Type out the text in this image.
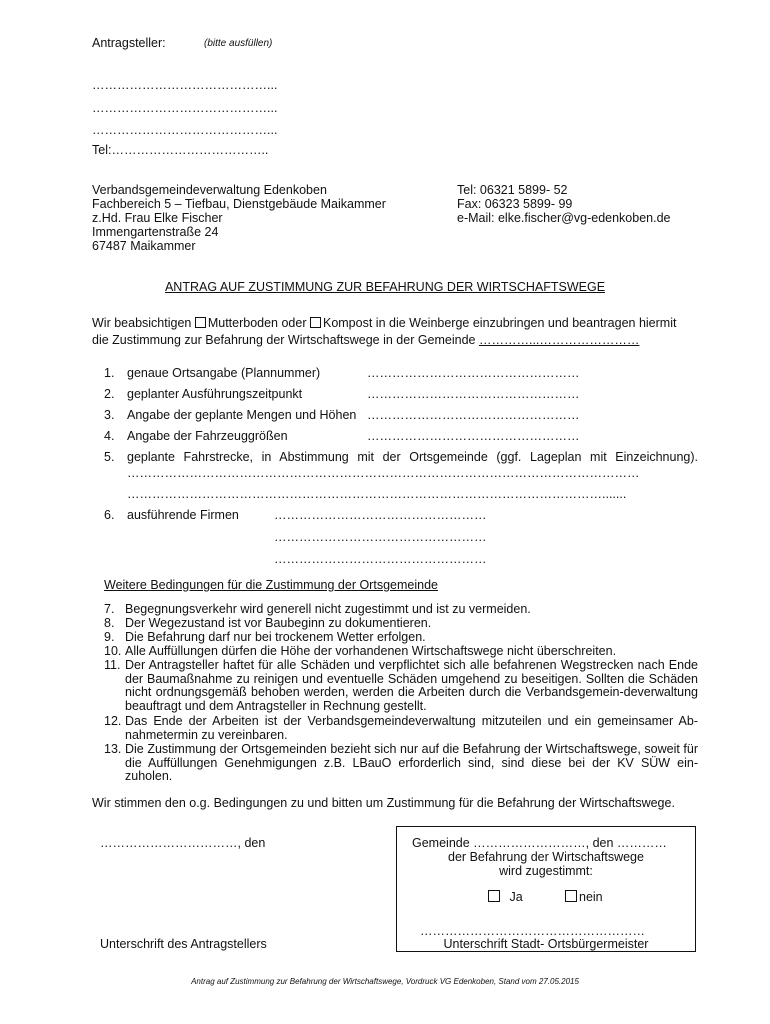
Antragsteller:	(bitte ausfüllen)
……………………………………...
……………………………………...
……………………………………...
Tel:………………………………..
Verbandsgemeindeverwaltung Edenkoben
Fachbereich 5 – Tiefbau, Dienstgebäude Maikammer
z.Hd. Frau Elke Fischer
Immengartenstraße 24
67487 Maikammer
Tel: 06321 5899- 52
Fax: 06323 5899- 99
e-Mail: elke.fischer@vg-edenkoben.de
ANTRAG AUF ZUSTIMMUNG ZUR BEFAHRUNG DER WIRTSCHAFTSWEGE
Wir beabsichtigen Mutterboden oder Kompost in die Weinberge einzubringen und beantragen hiermit
die Zustimmung zur Befahrung der Wirtschaftswege in der Gemeinde …………...……………………
1. genaue Ortsangabe (Plannummer)	……………………………………………
2. geplanter Ausführungszeitpunkt	……………………………………………
3. Angabe der geplante Mengen und Höhen ……………………………………………
4. Angabe der Fahrzeuggrößen	……………………………………………
5. geplante Fahrstrecke, in Abstimmung mit der Ortsgemeinde (ggf. Lageplan mit Einzeichnung).
……………………………………………………………………………………………………………
…………………………………………………………………………………………………….......
6. ausführende Firmen	……………………………………………
……………………………………………
……………………………………………
Weitere Bedingungen für die Zustimmung der Ortsgemeinde
7. Begegnungsverkehr wird generell nicht zugestimmt und ist zu vermeiden.
8. Der Wegezustand ist vor Baubeginn zu dokumentieren.
9. Die Befahrung darf nur bei trockenem Wetter erfolgen.
10. Alle Auffüllungen dürfen die Höhe der vorhandenen Wirtschaftswege nicht überschreiten.
11. Der Antragsteller haftet für alle Schäden und verpflichtet sich alle befahrenen Wegstrecken nach Ende der Baumaßnahme zu reinigen und eventuelle Schäden umgehend zu beseitigen. Sollten die Schäden nicht ordnungsgemäß behoben werden, werden die Arbeiten durch die Verbandsgemein-deverwaltung beauftragt und dem Antragsteller in Rechnung gestellt.
12. Das Ende der Arbeiten ist der Verbandsgemeindeverwaltung mitzuteilen und ein gemeinsamer Ab-nahmetermin zu vereinbaren.
13. Die Zustimmung der Ortsgemeinden bezieht sich nur auf die Befahrung der Wirtschaftswege, soweit für die Auffüllungen Genehmigungen z.B. LBauO erforderlich sind, sind diese bei der KV SÜW ein-zuholen.
Wir stimmen den o.g. Bedingungen zu und bitten um Zustimmung für die Befahrung der Wirtschaftswege.
……………………………, den
Unterschrift des Antragstellers
Gemeinde ………………………, den …………
der Befahrung der Wirtschaftswege
wird zugestimmt:
Ja	nein
………………………………………………
Unterschrift Stadt- Ortsbürgermeister
Antrag auf Zustimmung zur Befahrung der Wirtschaftswege, Vordruck VG Edenkoben, Stand vom 27.05.2015
